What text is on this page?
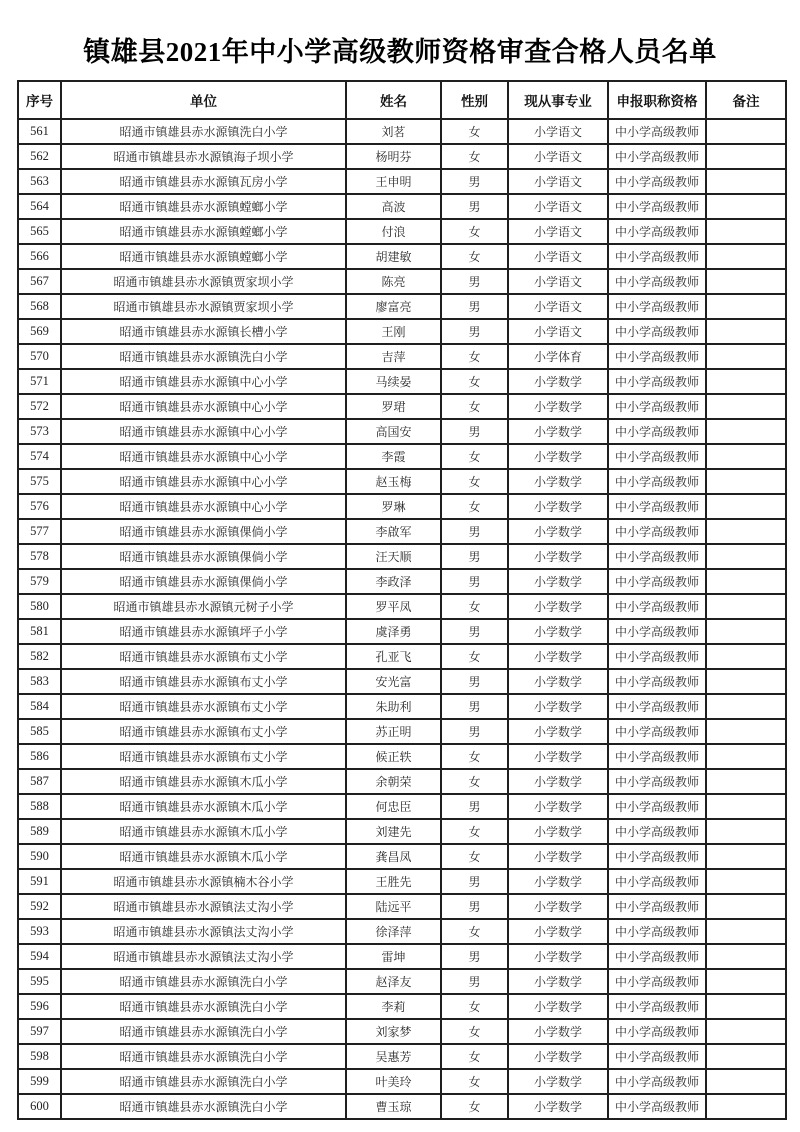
镇雄县2021年中小学高级教师资格审查合格人员名单
序号	单位	姓名	性别	现从事专业	申报职称资格	备注
561	昭通市镇雄县赤水源镇洗白小学	刘茗	女	小学语文	中小学高级教师	
562	昭通市镇雄县赤水源镇海子坝小学	杨明芬	女	小学语文	中小学高级教师	
563	昭通市镇雄县赤水源镇瓦房小学	王申明	男	小学语文	中小学高级教师	
564	昭通市镇雄县赤水源镇螳螂小学	高波	男	小学语文	中小学高级教师	
565	昭通市镇雄县赤水源镇螳螂小学	付浪	女	小学语文	中小学高级教师	
566	昭通市镇雄县赤水源镇螳螂小学	胡建敏	女	小学语文	中小学高级教师	
567	昭通市镇雄县赤水源镇贾家坝小学	陈亮	男	小学语文	中小学高级教师	
568	昭通市镇雄县赤水源镇贾家坝小学	廖富亮	男	小学语文	中小学高级教师	
569	昭通市镇雄县赤水源镇长槽小学	王刚	男	小学语文	中小学高级教师	
570	昭通市镇雄县赤水源镇洗白小学	吉萍	女	小学体育	中小学高级教师	
571	昭通市镇雄县赤水源镇中心小学	马续晏	女	小学数学	中小学高级教师	
572	昭通市镇雄县赤水源镇中心小学	罗珺	女	小学数学	中小学高级教师	
573	昭通市镇雄县赤水源镇中心小学	高国安	男	小学数学	中小学高级教师	
574	昭通市镇雄县赤水源镇中心小学	李霞	女	小学数学	中小学高级教师	
575	昭通市镇雄县赤水源镇中心小学	赵玉梅	女	小学数学	中小学高级教师	
576	昭通市镇雄县赤水源镇中心小学	罗琳	女	小学数学	中小学高级教师	
577	昭通市镇雄县赤水源镇倮倘小学	李啟军	男	小学数学	中小学高级教师	
578	昭通市镇雄县赤水源镇倮倘小学	汪天顺	男	小学数学	中小学高级教师	
579	昭通市镇雄县赤水源镇倮倘小学	李政泽	男	小学数学	中小学高级教师	
580	昭通市镇雄县赤水源镇元树子小学	罗平凤	女	小学数学	中小学高级教师	
581	昭通市镇雄县赤水源镇坪子小学	虞泽勇	男	小学数学	中小学高级教师	
582	昭通市镇雄县赤水源镇布丈小学	孔亚飞	女	小学数学	中小学高级教师	
583	昭通市镇雄县赤水源镇布丈小学	安光富	男	小学数学	中小学高级教师	
584	昭通市镇雄县赤水源镇布丈小学	朱助利	男	小学数学	中小学高级教师	
585	昭通市镇雄县赤水源镇布丈小学	苏正明	男	小学数学	中小学高级教师	
586	昭通市镇雄县赤水源镇布丈小学	候正轶	女	小学数学	中小学高级教师	
587	昭通市镇雄县赤水源镇木瓜小学	余朝荣	女	小学数学	中小学高级教师	
588	昭通市镇雄县赤水源镇木瓜小学	何忠臣	男	小学数学	中小学高级教师	
589	昭通市镇雄县赤水源镇木瓜小学	刘建先	女	小学数学	中小学高级教师	
590	昭通市镇雄县赤水源镇木瓜小学	龚昌凤	女	小学数学	中小学高级教师	
591	昭通市镇雄县赤水源镇楠木谷小学	王胜先	男	小学数学	中小学高级教师	
592	昭通市镇雄县赤水源镇法丈沟小学	陆远平	男	小学数学	中小学高级教师	
593	昭通市镇雄县赤水源镇法丈沟小学	徐泽萍	女	小学数学	中小学高级教师	
594	昭通市镇雄县赤水源镇法丈沟小学	雷坤	男	小学数学	中小学高级教师	
595	昭通市镇雄县赤水源镇洗白小学	赵泽友	男	小学数学	中小学高级教师	
596	昭通市镇雄县赤水源镇洗白小学	李莉	女	小学数学	中小学高级教师	
597	昭通市镇雄县赤水源镇洗白小学	刘家梦	女	小学数学	中小学高级教师	
598	昭通市镇雄县赤水源镇洗白小学	吴惠芳	女	小学数学	中小学高级教师	
599	昭通市镇雄县赤水源镇洗白小学	叶美玲	女	小学数学	中小学高级教师	
600	昭通市镇雄县赤水源镇洗白小学	曹玉琼	女	小学数学	中小学高级教师	
